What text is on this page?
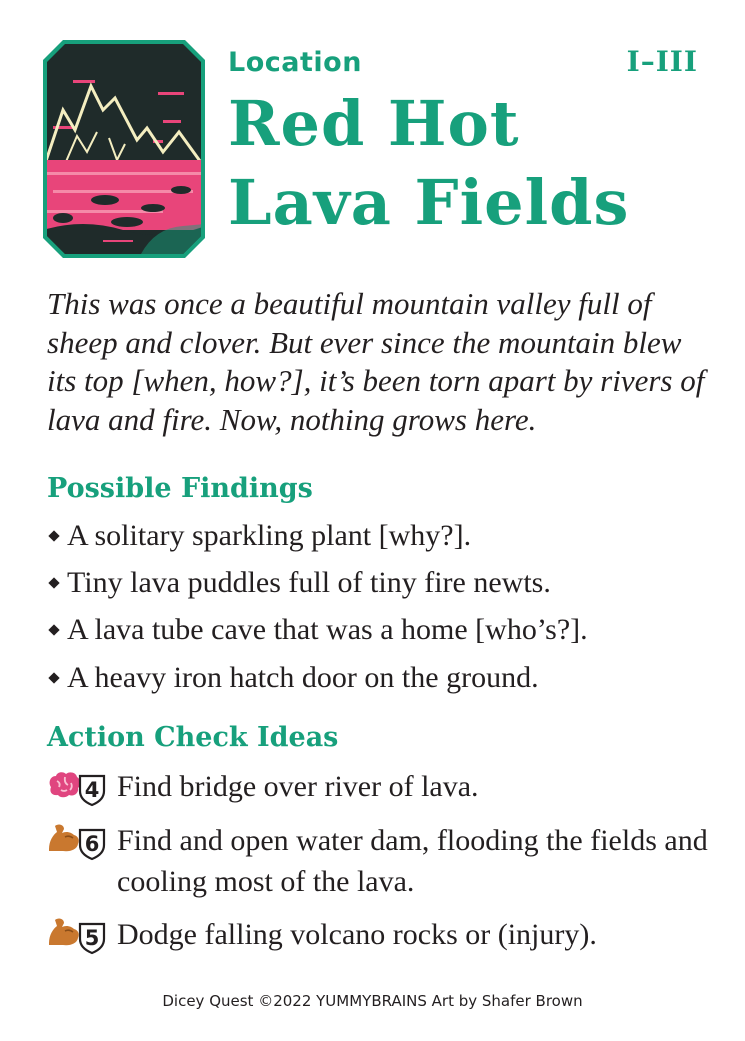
Location	I–III
Red Hot
Lava Fields
This was once a beautiful mountain valley full of sheep and clover. But ever since the mountain blew its top [when, how?], it’s been torn apart by rivers of lava and fire. Now, nothing grows here.
Possible Findings
A solitary sparkling plant [why?].
Tiny lava puddles full of tiny fire newts.
A lava tube cave that was a home [who’s?].
A heavy iron hatch door on the ground.
Action Check Ideas
4 Find bridge over river of lava.
6 Find and open water dam, flooding the fields and cooling most of the lava.
5 Dodge falling volcano rocks or (injury).
Dicey Quest ©2022 YUMMYBRAINS Art by Shafer Brown
